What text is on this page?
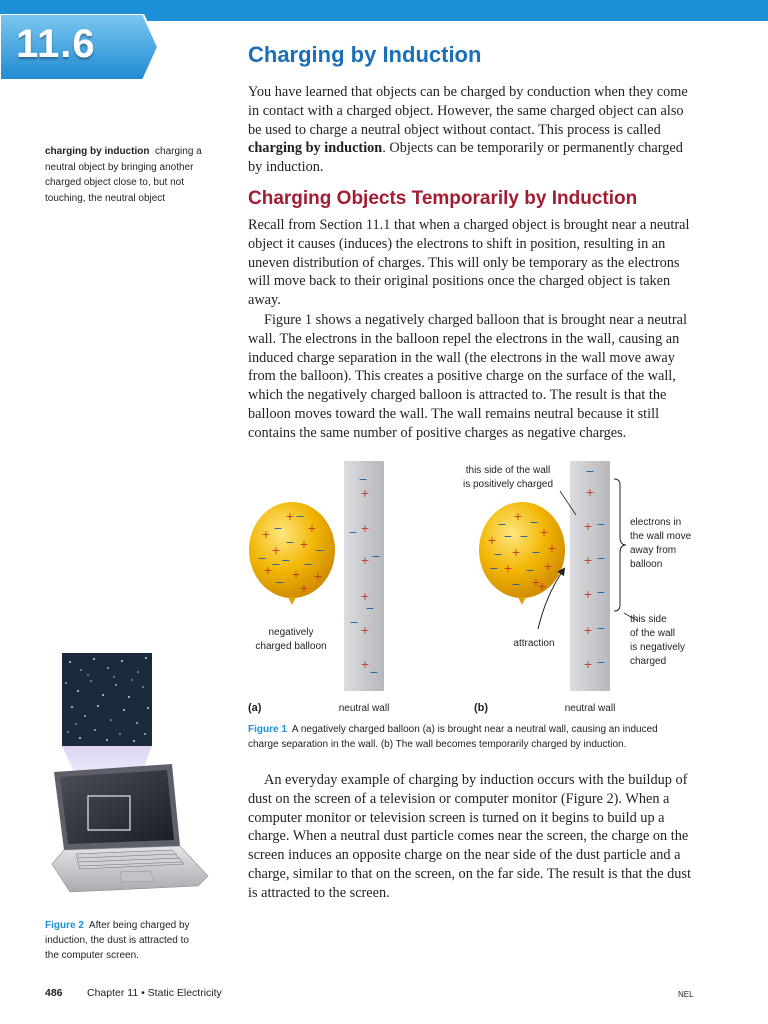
11.6	Charging by Induction

You have learned that objects can be charged by conduction when they come in contact with a charged object. However, the same charged object can also be used to charge a neutral object without contact. This process is called charging by induction. Objects can be temporarily or permanently charged by induction.

charging by induction charging a neutral object by bringing another charged object close to, but not touching, the neutral object	Charging Objects Temporarily by Induction

Recall from Section 11.1 that when a charged object is brought near a neutral object it causes (induces) the electrons to shift in position, resulting in an uneven distribution of charges. This will only be temporary as the electrons will move back to their original positions once the charged object is taken away.

Figure 1 shows a negatively charged balloon that is brought near a neutral wall. The electrons in the balloon repel the electrons in the wall, causing an induced charge separation in the wall (the electrons in the wall move away from the balloon). This creates a positive charge on the surface of the wall, which the negatively charged balloon is attracted to. The result is that the balloon moves toward the wall. The wall remains neutral because it still contains the same number of positive charges as negative charges.

+ −
−
+
+
− + −
− − −
+ + +
− +
+
−
−
+
− +
+ −
+
−
−
+
+
−
negatively
charged balloon
(a)	neutral wall
−
+ −
+ − − +
− + − +
+ − +
− +
−
+
−
+
+ −
+ −
+ −
+ −
+ −
this side of the wall
is positively charged
electrons in
the wall move
away from
balloon
this side
of the wall
is negatively
charged
attraction
(b)	neutral wall

Figure 1 A negatively charged balloon (a) is brought near a neutral wall, causing an induced charge separation in the wall. (b) The wall becomes temporarily charged by induction.

An everyday example of charging by induction occurs with the buildup of dust on the screen of a television or computer monitor (Figure 2). When a computer monitor or television screen is turned on it begins to build up a charge. When a neutral dust particle comes near the screen, the charge on the screen induces an opposite charge on the near side of the dust particle and a charge, similar to that on the screen, on the far side. The result is that the dust is attracted to the screen.

Figure 2 After being charged by induction, the dust is attracted to the computer screen.

486 Chapter 11 • Static Electricity	NEL
